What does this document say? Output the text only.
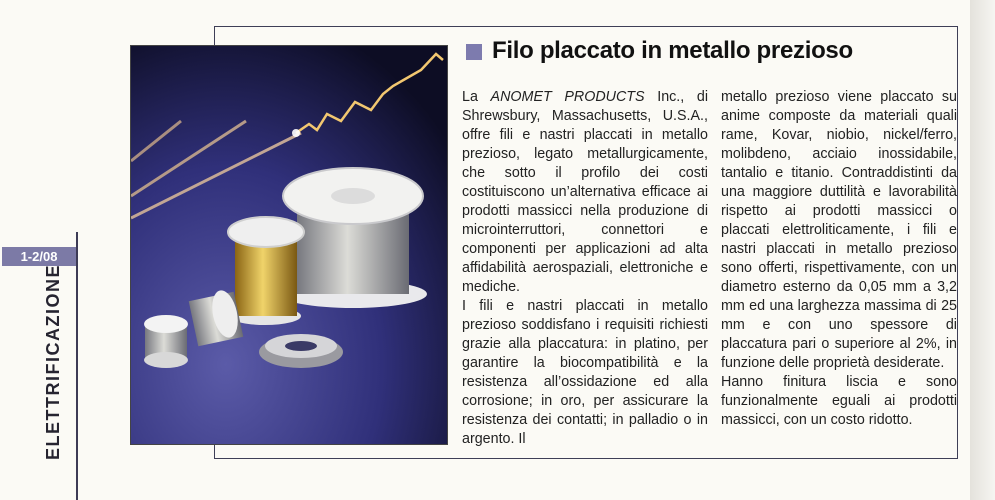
1-2/08
ELETTRIFICAZIONE
Filo placcato in metallo prezioso

La ANOMET PRODUCTS Inc., di Shrewsbury, Massachusetts, U.S.A., offre fili e nastri placcati in metallo prezioso, legato metallurgicamente, che sotto il profilo dei costi costituiscono un’alternativa efficace ai prodotti massicci nella produzione di microinterruttori, connettori e componenti per applicazioni ad alta affidabilità aerospaziali, elettroniche e mediche.

I fili e nastri placcati in metallo prezioso soddisfano i requisiti richiesti grazie alla placcatura: in platino, per garantire la biocompatibilità e la resistenza all’ossidazione ed alla corrosione; in oro, per assicurare la resistenza dei contatti; in palladio o in argento. Il

metallo prezioso viene placcato su anime composte da materiali quali rame, Kovar, niobio, nickel/ferro, molibdeno, acciaio inossidabile, tantalio e titanio. Contraddistinti da una maggiore duttilità e lavorabilità rispetto ai prodotti massicci o placcati elettroliticamente, i fili e nastri placcati in metallo prezioso sono offerti, rispettivamente, con un diametro esterno da 0,05 mm a 3,2 mm ed una larghezza massima di 25 mm e con uno spessore di placcatura pari o superiore al 2%, in funzione delle proprietà desiderate.

Hanno finitura liscia e sono funzionalmente eguali ai prodotti massicci, con un costo ridotto.
